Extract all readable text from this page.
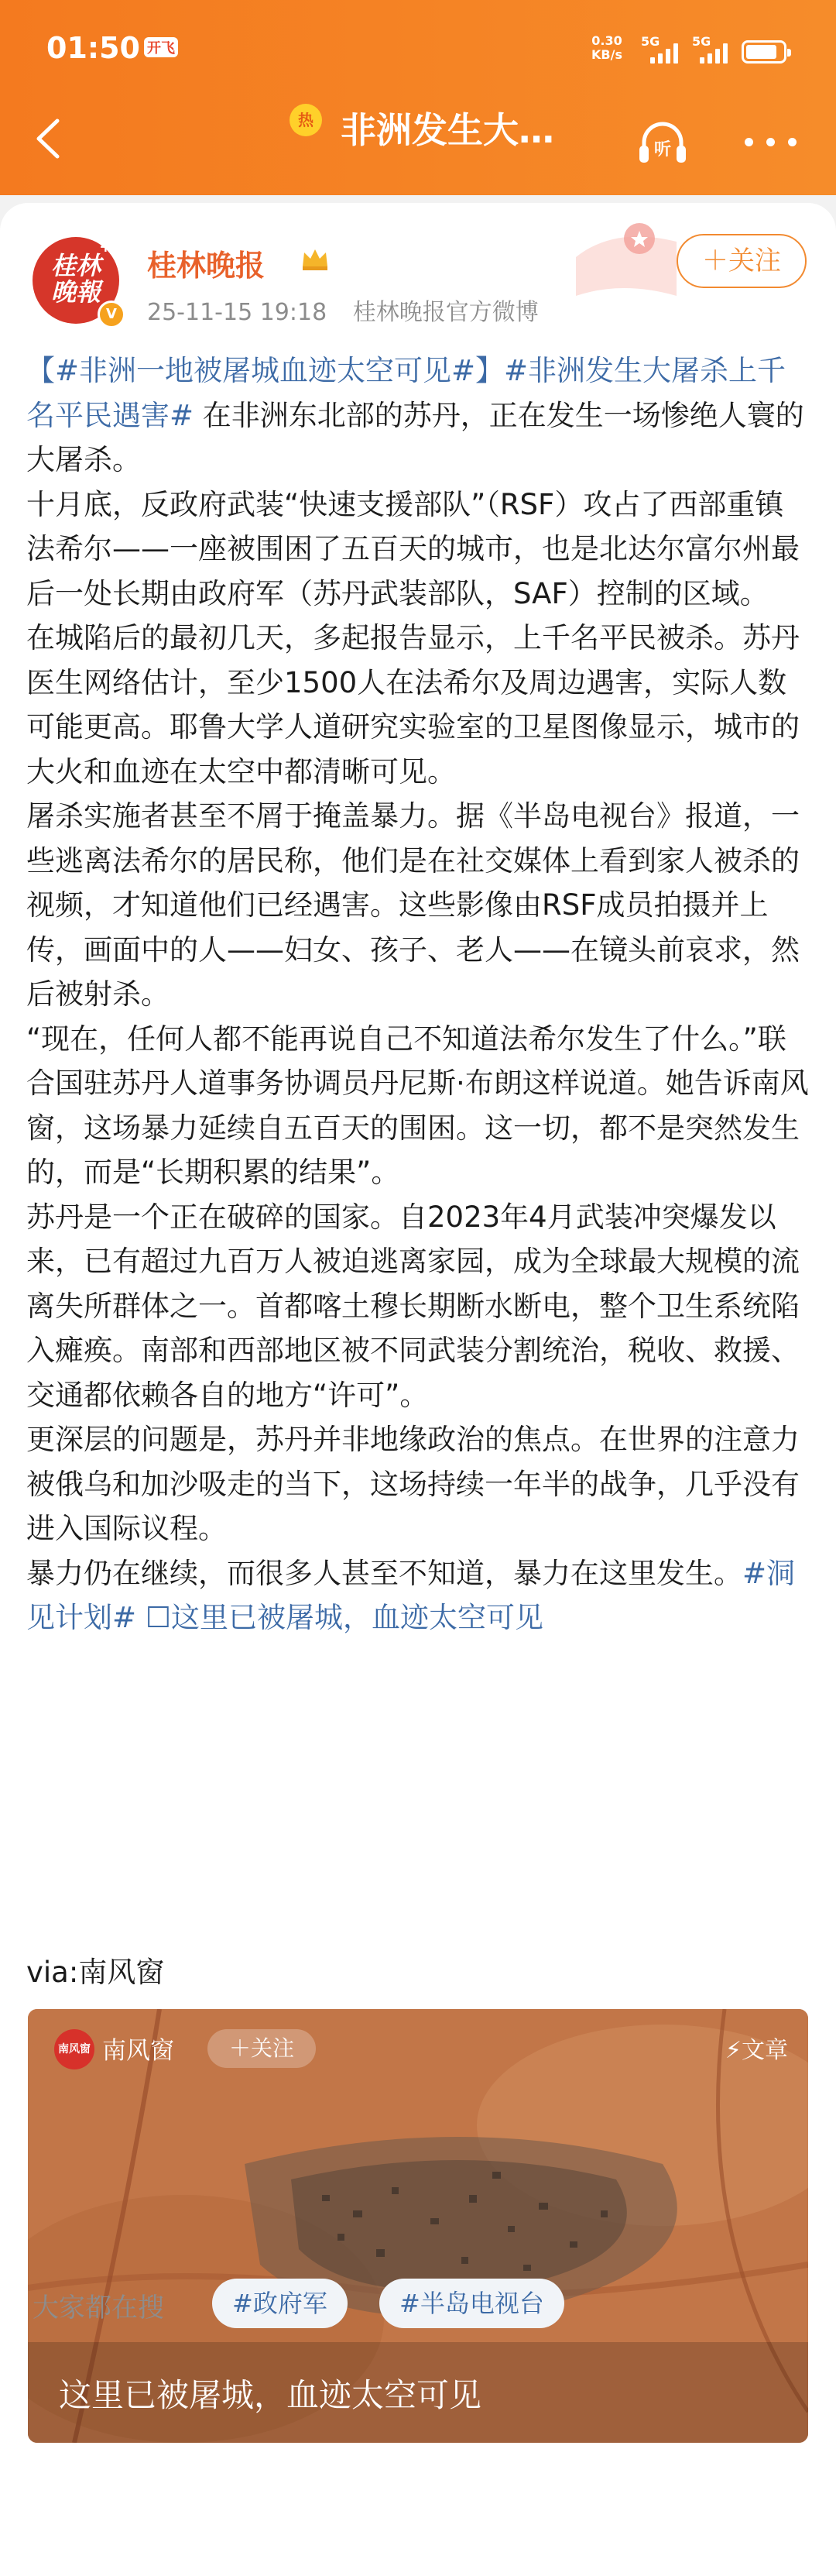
01:50 开飞	0.30
KB/s
5G	5G
热 非洲发生大…	听
桂林晚報
+1
V
桂林晚报
25-11-15 19:18 桂林晚报官方微博
＋关注

【#非洲一地被屠城血迹太空可见#】#非洲发生大屠杀上千名平民遇害# 在非洲东北部的苏丹，正在发生一场惨绝人寰的大屠杀。

十月底，反政府武装“快速支援部队”（RSF）攻占了西部重镇法希尔——一座被围困了五百天的城市，也是北达尔富尔州最后一处长期由政府军（苏丹武装部队，SAF）控制的区域。

在城陷后的最初几天，多起报告显示，上千名平民被杀。苏丹医生网络估计，至少1500人在法希尔及周边遇害，实际人数可能更高。耶鲁大学人道研究实验室的卫星图像显示，城市的大火和血迹在太空中都清晰可见。

屠杀实施者甚至不屑于掩盖暴力。据《半岛电视台》报道，一些逃离法希尔的居民称，他们是在社交媒体上看到家人被杀的视频，才知道他们已经遇害。这些影像由RSF成员拍摄并上传，画面中的人——妇女、孩子、老人——在镜头前哀求，然后被射杀。

“现在，任何人都不能再说自己不知道法希尔发生了什么。”联合国驻苏丹人道事务协调员丹尼斯·布朗这样说道。她告诉南风窗，这场暴力延续自五百天的围困。这一切，都不是突然发生的，而是“长期积累的结果”。

苏丹是一个正在破碎的国家。自2023年4月武装冲突爆发以来，已有超过九百万人被迫逃离家园，成为全球最大规模的流离失所群体之一。首都喀土穆长期断水断电，整个卫生系统陷入瘫痪。南部和西部地区被不同武装分割统治，税收、救援、交通都依赖各自的地方“许可”。

更深层的问题是，苏丹并非地缘政治的焦点。在世界的注意力被俄乌和加沙吸走的当下，这场持续一年半的战争，几乎没有进入国际议程。

暴力仍在继续，而很多人甚至不知道，暴力在这里发生。#洞见计划# ☐这里已被屠城，血迹太空可见

via:南风窗
南风窗 南风窗	＋关注	⚡文章
这里已被屠城，血迹太空可见
大家都在搜	#政府军	#半岛电视台
